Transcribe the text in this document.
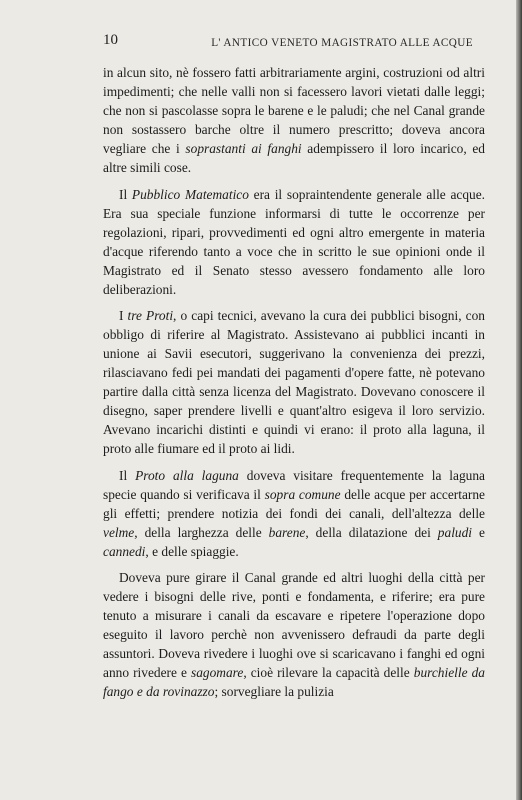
10	L' ANTICO VENETO MAGISTRATO ALLE ACQUE

in alcun sito, nè fossero fatti arbitrariamente argini, costruzioni od altri impedimenti; che nelle valli non si facessero lavori vietati dalle leggi; che non si pascolasse sopra le barene e le paludi; che nel Canal grande non sostassero barche oltre il numero prescritto; doveva ancora vegliare che i soprastanti ai fanghi adempissero il loro incarico, ed altre simili cose.

Il Pubblico Matematico era il sopraintendente generale alle acque. Era sua speciale funzione informarsi di tutte le occorrenze per regolazioni, ripari, provvedimenti ed ogni altro emergente in materia d'acque riferendo tanto a voce che in scritto le sue opinioni onde il Magistrato ed il Senato stesso avessero fondamento alle loro deliberazioni.

I tre Proti, o capi tecnici, avevano la cura dei pubblici bisogni, con obbligo di riferire al Magistrato. Assistevano ai pubblici incanti in unione ai Savii esecutori, suggerivano la convenienza dei prezzi, rilasciavano fedi pei mandati dei pagamenti d'opere fatte, nè potevano partire dalla città senza licenza del Magistrato. Dovevano conoscere il disegno, saper prendere livelli e quant'altro esigeva il loro servizio. Avevano incarichi distinti e quindi vi erano: il proto alla laguna, il proto alle fiumare ed il proto ai lidi.

Il Proto alla laguna doveva visitare frequentemente la laguna specie quando si verificava il sopra comune delle acque per accertarne gli effetti; prendere notizia dei fondi dei canali, dell'altezza delle velme, della larghezza delle barene, della dilatazione dei paludi e cannedi, e delle spiaggie.

Doveva pure girare il Canal grande ed altri luoghi della città per vedere i bisogni delle rive, ponti e fondamenta, e riferire; era pure tenuto a misurare i canali da escavare e ripetere l'operazione dopo eseguito il lavoro perchè non avvenissero defraudi da parte degli assuntori. Doveva rivedere i luoghi ove si scaricavano i fanghi ed ogni anno rivedere e sagomare, cioè rilevare la capacità delle burchielle da fango e da rovinazzo; sorvegliare la pulizia
